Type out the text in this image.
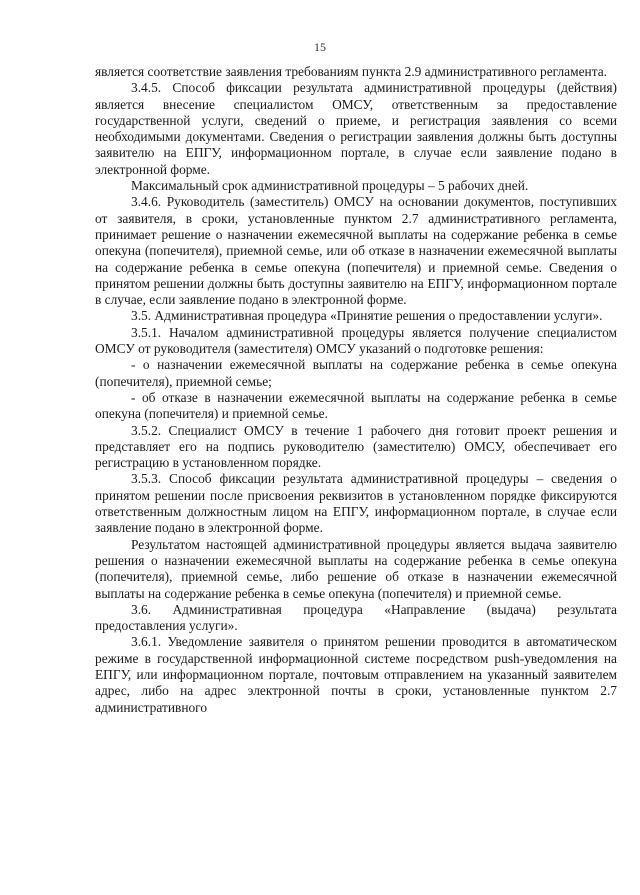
15

является соответствие заявления требованиям пункта 2.9 административного регламента.

3.4.5. Способ фиксации результата административной процедуры (действия) является внесение специалистом ОМСУ, ответственным за предоставление государственной услуги, сведений о приеме, и регистрация заявления со всеми необходимыми документами. Сведения о регистрации заявления должны быть доступны заявителю на ЕПГУ, информационном портале, в случае если заявление подано в электронной форме.

Максимальный срок административной процедуры – 5 рабочих дней.

3.4.6. Руководитель (заместитель) ОМСУ на основании документов, поступивших от заявителя, в сроки, установленные пунктом 2.7 административного регламента, принимает решение о назначении ежемесячной выплаты на содержание ребенка в семье опекуна (попечителя), приемной семье, или об отказе в назначении ежемесячной выплаты на содержание ребенка в семье опекуна (попечителя) и приемной семье. Сведения о принятом решении должны быть доступны заявителю на ЕПГУ, информационном портале в случае, если заявление подано в электронной форме.

3.5. Административная процедура «Принятие решения о предоставлении услуги».

3.5.1. Началом административной процедуры является получение специалистом ОМСУ от руководителя (заместителя) ОМСУ указаний о подготовке решения:

- о назначении ежемесячной выплаты на содержание ребенка в семье опекуна (попечителя), приемной семье;

- об отказе в назначении ежемесячной выплаты на содержание ребенка в семье опекуна (попечителя) и приемной семье.

3.5.2. Специалист ОМСУ в течение 1 рабочего дня готовит проект решения и представляет его на подпись руководителю (заместителю) ОМСУ, обеспечивает его регистрацию в установленном порядке.

3.5.3. Способ фиксации результата административной процедуры – сведения о принятом решении после присвоения реквизитов в установленном порядке фиксируются ответственным должностным лицом на ЕПГУ, информационном портале, в случае если заявление подано в электронной форме.

Результатом настоящей административной процедуры является выдача заявителю решения о назначении ежемесячной выплаты на содержание ребенка в семье опекуна (попечителя), приемной семье, либо решение об отказе в назначении ежемесячной выплаты на содержание ребенка в семье опекуна (попечителя) и приемной семье.

3.6. Административная процедура «Направление (выдача) результата предоставления услуги».

3.6.1. Уведомление заявителя о принятом решении проводится в автоматическом режиме в государственной информационной системе посредством push-уведомления на ЕПГУ, или информационном портале, почтовым отправлением на указанный заявителем адрес, либо на адрес электронной почты в сроки, установленные пунктом 2.7 административного
